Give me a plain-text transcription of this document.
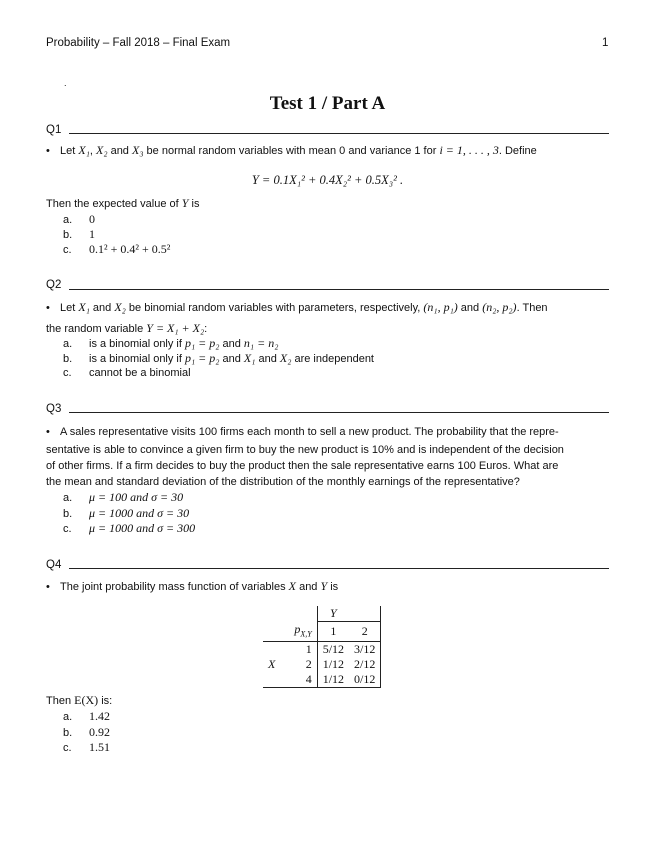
Probability – Fall 2018 – Final Exam	1
.
Test 1 / Part A
Q1
• Let X₁, X₂ and X₃ be normal random variables with mean 0 and variance 1 for i = 1, . . . , 3. Define
Y = 0.1X₁² + 0.4X₂² + 0.5X₃² .
Then the expected value of Y is
a. 0
b. 1
c. 0.1² + 0.4² + 0.5²
Q2
• Let X₁ and X₂ be binomial random variables with parameters, respectively, (n₁, p₁) and (n₂, p₂). Then
the random variable Y = X₁ + X₂:
a. is a binomial only if p₁ = p₂ and n₁ = n₂
b. is a binomial only if p₁ = p₂ and X₁ and X₂ are independent
c. cannot be a binomial
Q3
• A sales representative visits 100 firms each month to sell a new product. The probability that the repre-
sentative is able to convince a given firm to buy the new product is 10% and is independent of the decision
of other firms. If a firm decides to buy the product then the sale representative earns 100 Euros. What are
the mean and standard deviation of the distribution of the monthly earnings of the representative?
a. μ = 100 and σ = 30
b. μ = 1000 and σ = 30
c. μ = 1000 and σ = 300
Q4
• The joint probability mass function of variables X and Y is
		Y	
	$p_{X,Y}$	1	2
	1	5/12	3/12
X	2	1/12	2/12
	4	1/12	0/12
Then E(X) is:
a. 1.42
b. 0.92
c. 1.51
